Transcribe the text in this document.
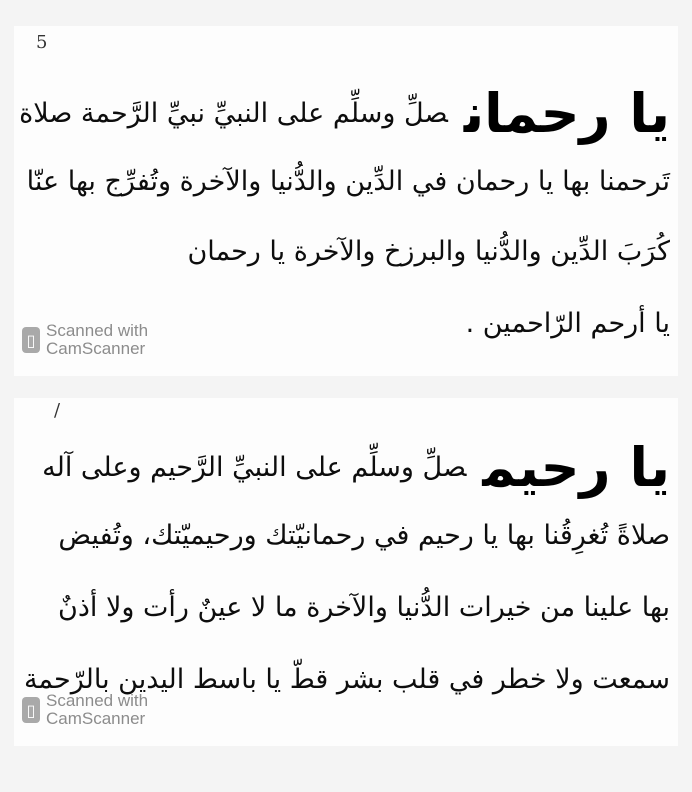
5
يا رحمانصلِّ وسلِّم على النبيِّ نبيِّ الرَّحمة صلاة
تَرحمنا بها يا رحمان في الدِّين والدُّنيا والآخرة وتُفرِّج بها عنّا
كُرَبَ الدِّين والدُّنيا والبرزخ والآخرة يا رحمان
يا أرحم الرّاحمين .
▯ Scanned with
CamScanner
/
يا رحيمصلِّ وسلِّم على النبيِّ الرَّحيم وعلى آله
صلاةً تُغرِقُنا بها يا رحيم في رحمانيّتك ورحيميّتك، وتُفيض
بها علينا من خيرات الدُّنيا والآخرة ما لا عينٌ رأت ولا أذنٌ
سمعت ولا خطر في قلب بشر قطّ يا باسط اليدين بالرّحمة
▯ Scanned with
CamScanner
